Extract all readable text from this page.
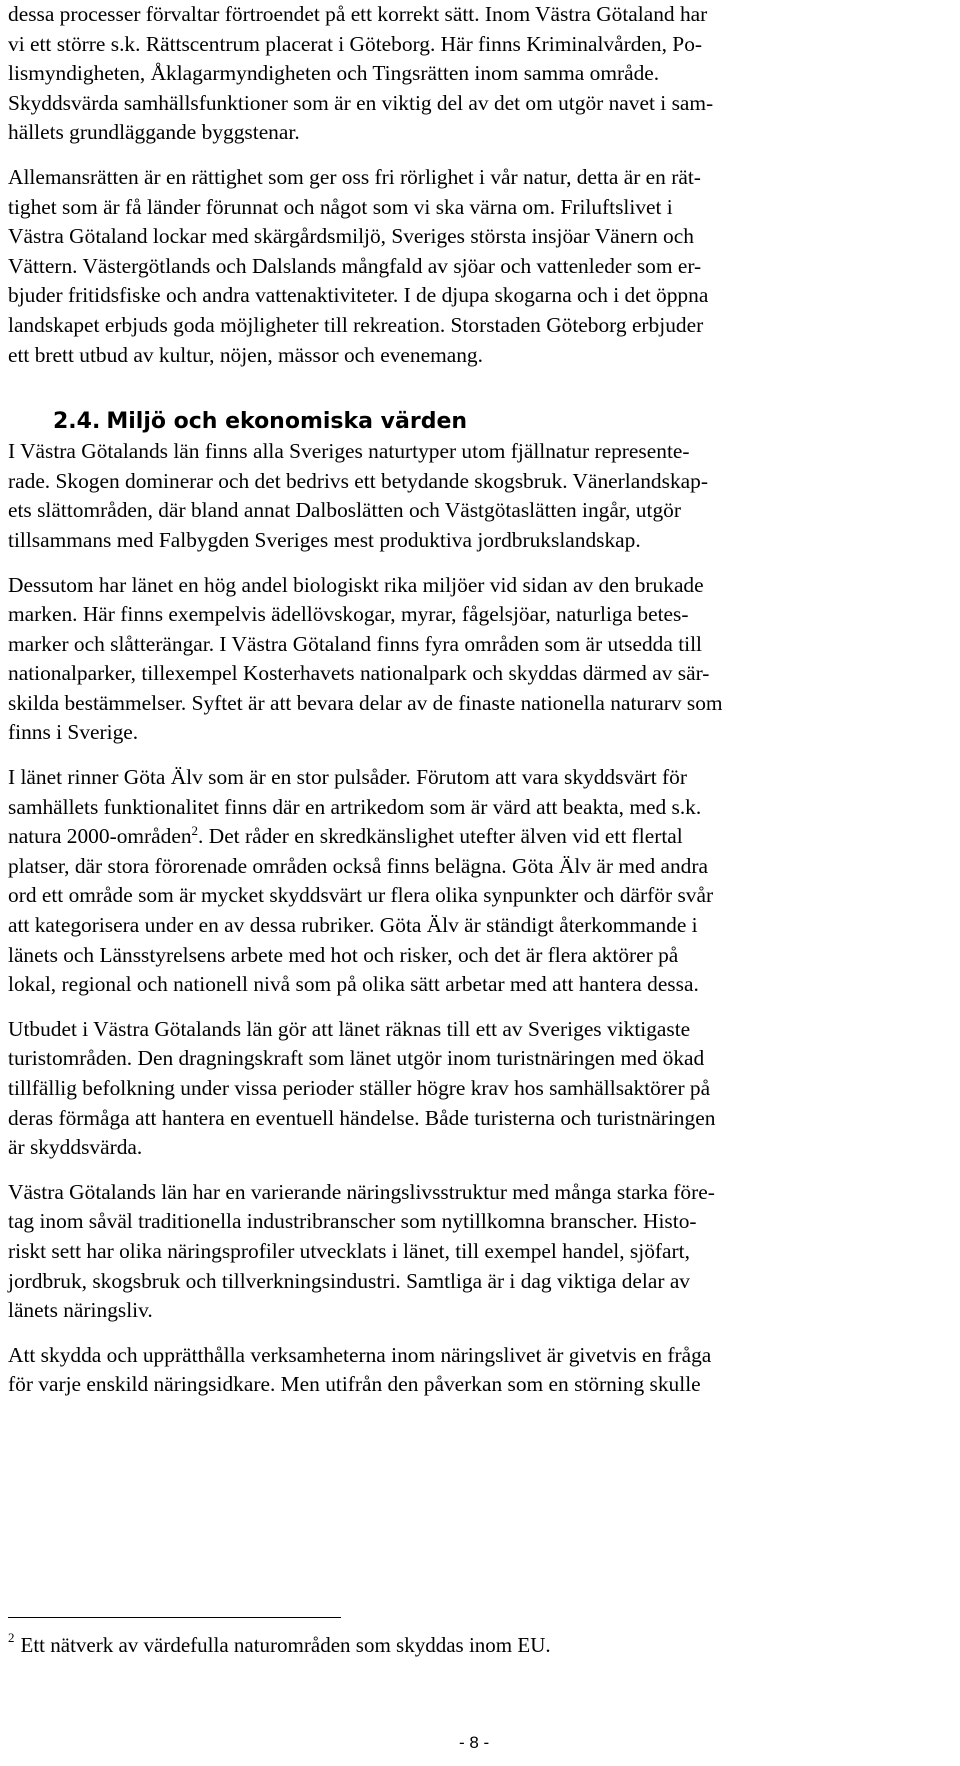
dessa processer förvaltar förtroendet på ett korrekt sätt. Inom Västra Götaland har
vi ett större s.k. Rättscentrum placerat i Göteborg. Här finns Kriminalvården, Po-
lismyndigheten, Åklagarmyndigheten och Tingsrätten inom samma område.
Skyddsvärda samhällsfunktioner som är en viktig del av det om utgör navet i sam-
hällets grundläggande byggstenar.

Allemansrätten är en rättighet som ger oss fri rörlighet i vår natur, detta är en rät-
tighet som är få länder förunnat och något som vi ska värna om. Friluftslivet i
Västra Götaland lockar med skärgårdsmiljö, Sveriges största insjöar Vänern och
Vättern. Västergötlands och Dalslands mångfald av sjöar och vattenleder som er-
bjuder fritidsfiske och andra vattenaktiviteter. I de djupa skogarna och i det öppna
landskapet erbjuds goda möjligheter till rekreation. Storstaden Göteborg erbjuder
ett brett utbud av kultur, nöjen, mässor och evenemang.

2.4. Miljö och ekonomiska värden

I Västra Götalands län finns alla Sveriges naturtyper utom fjällnatur represente-
rade. Skogen dominerar och det bedrivs ett betydande skogsbruk. Vänerlandskap-
ets slättområden, där bland annat Dalboslätten och Västgötaslätten ingår, utgör
tillsammans med Falbygden Sveriges mest produktiva jordbrukslandskap.

Dessutom har länet en hög andel biologiskt rika miljöer vid sidan av den brukade
marken. Här finns exempelvis ädellövskogar, myrar, fågelsjöar, naturliga betes-
marker och slåtterängar. I Västra Götaland finns fyra områden som är utsedda till
nationalparker, tillexempel Kosterhavets nationalpark och skyddas därmed av sär-
skilda bestämmelser. Syftet är att bevara delar av de finaste nationella naturarv som
finns i Sverige.

I länet rinner Göta Älv som är en stor pulsåder. Förutom att vara skyddsvärt för
samhällets funktionalitet finns där en artrikedom som är värd att beakta, med s.k.
natura 2000-områden$^2$. Det råder en skredkänslighet utefter älven vid ett flertal
platser, där stora förorenade områden också finns belägna. Göta Älv är med andra
ord ett område som är mycket skyddsvärt ur flera olika synpunkter och därför svår
att kategorisera under en av dessa rubriker. Göta Älv är ständigt återkommande i
länets och Länsstyrelsens arbete med hot och risker, och det är flera aktörer på
lokal, regional och nationell nivå som på olika sätt arbetar med att hantera dessa.

Utbudet i Västra Götalands län gör att länet räknas till ett av Sveriges viktigaste
turistområden. Den dragningskraft som länet utgör inom turistnäringen med ökad
tillfällig befolkning under vissa perioder ställer högre krav hos samhällsaktörer på
deras förmåga att hantera en eventuell händelse. Både turisterna och turistnäringen
är skyddsvärda.

Västra Götalands län har en varierande näringslivsstruktur med många starka före-
tag inom såväl traditionella industribranscher som nytillkomna branscher. Histo-
riskt sett har olika näringsprofiler utvecklats i länet, till exempel handel, sjöfart,
jordbruk, skogsbruk och tillverkningsindustri. Samtliga är i dag viktiga delar av
länets näringsliv.

Att skydda och upprätthålla verksamheterna inom näringslivet är givetvis en fråga
för varje enskild näringsidkare. Men utifrån den påverkan som en störning skulle

$^2$ Ett nätverk av värdefulla naturområden som skyddas inom EU.
- 8 -
